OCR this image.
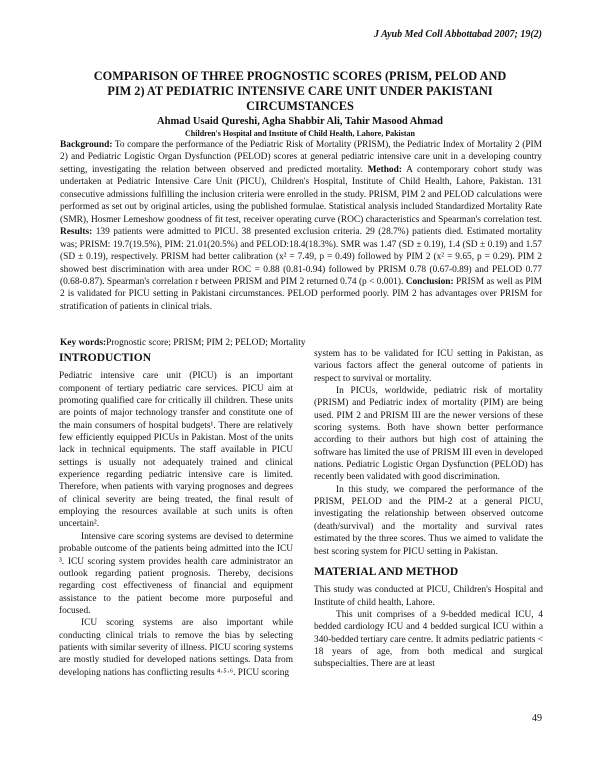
J Ayub Med Coll Abbottabad 2007; 19(2)
COMPARISON OF THREE PROGNOSTIC SCORES (PRISM, PELOD AND PIM 2) AT PEDIATRIC INTENSIVE CARE UNIT UNDER PAKISTANI CIRCUMSTANCES
Ahmad Usaid Qureshi, Agha Shabbir Ali, Tahir Masood Ahmad
Children's Hospital and Institute of Child Health, Lahore, Pakistan
Background: To compare the performance of the Pediatric Risk of Mortality (PRISM), the Pediatric Index of Mortality 2 (PIM 2) and Pediatric Logistic Organ Dysfunction (PELOD) scores at general pediatric intensive care unit in a developing country setting, investigating the relation between observed and predicted mortality. Method: A contemporary cohort study was undertaken at Pediatric Intensive Care Unit (PICU), Children's Hospital, Institute of Child Health, Lahore, Pakistan. 131 consecutive admissions fulfilling the inclusion criteria were enrolled in the study. PRISM, PIM 2 and PELOD calculations were performed as set out by original articles, using the published formulae. Statistical analysis included Standardized Mortality Rate (SMR), Hosmer Lemeshow goodness of fit test, receiver operating curve (ROC) characteristics and Spearman's correlation test. Results: 139 patients were admitted to PICU. 38 presented exclusion criteria. 29 (28.7%) patients died. Estimated mortality was; PRISM: 19.7(19.5%), PIM: 21.01(20.5%) and PELOD:18.4(18.3%). SMR was 1.47 (SD ± 0.19), 1.4 (SD ± 0.19) and 1.57 (SD ± 0.19), respectively. PRISM had better calibration (x² = 7.49, p = 0.49) followed by PIM 2 (x² = 9.65, p = 0.29). PIM 2 showed best discrimination with area under ROC = 0.88 (0.81-0.94) followed by PRISM 0.78 (0.67-0.89) and PELOD 0.77 (0.68-0.87). Spearman's correlation r between PRISM and PIM 2 returned 0.74 (p < 0.001). Conclusion: PRISM as well as PIM 2 is validated for PICU setting in Pakistani circumstances. PELOD performed poorly. PIM 2 has advantages over PRISM for stratification of patients in clinical trials.
Key words:Prognostic score; PRISM; PIM 2; PELOD; Mortality
INTRODUCTION

Pediatric intensive care unit (PICU) is an important component of tertiary pediatric care services. PICU aim at promoting qualified care for critically ill children. These units are points of major technology transfer and constitute one of the main consumers of hospital budgets¹. There are relatively few efficiently equipped PICUs in Pakistan. Most of the units lack in technical equipments. The staff available in PICU settings is usually not adequately trained and clinical experience regarding pediatric intensive care is limited. Therefore, when patients with varying prognoses and degrees of clinical severity are being treated, the final result of employing the resources available at such units is often uncertain².

Intensive care scoring systems are devised to determine probable outcome of the patients being admitted into the ICU ³. ICU scoring system provides health care administrator an outlook regarding patient prognosis. Thereby, decisions regarding cost effectiveness of financial and equipment assistance to the patient become more purposeful and focused.

ICU scoring systems are also important while conducting clinical trials to remove the bias by selecting patients with similar severity of illness. PICU scoring systems are mostly studied for developed nations settings. Data from developing nations has conflicting results ⁴·⁵·⁶. PICU scoring

system has to be validated for ICU setting in Pakistan, as various factors affect the general outcome of patients in respect to survival or mortality.

In PICUs, worldwide, pediatric risk of mortality (PRISM) and Pediatric index of mortality (PIM) are being used. PIM 2 and PRISM III are the newer versions of these scoring systems. Both have shown better performance according to their authors but high cost of attaining the software has limited the use of PRISM III even in developed nations. Pediatric Logistic Organ Dysfunction (PELOD) has recently been validated with good discrimination.

In this study, we compared the performance of the PRISM, PELOD and the PIM-2 at a general PICU, investigating the relationship between observed outcome (death/survival) and the mortality and survival rates estimated by the three scores. Thus we aimed to validate the best scoring system for PICU setting in Pakistan.

MATERIAL AND METHOD

This study was conducted at PICU, Children's Hospital and Institute of child health, Lahore.

This unit comprises of a 9-bedded medical ICU, 4 bedded cardiology ICU and 4 bedded surgical ICU within a 340-bedded tertiary care centre. It admits pediatric patients < 18 years of age, from both medical and surgical subspecialties. There are at least

49
